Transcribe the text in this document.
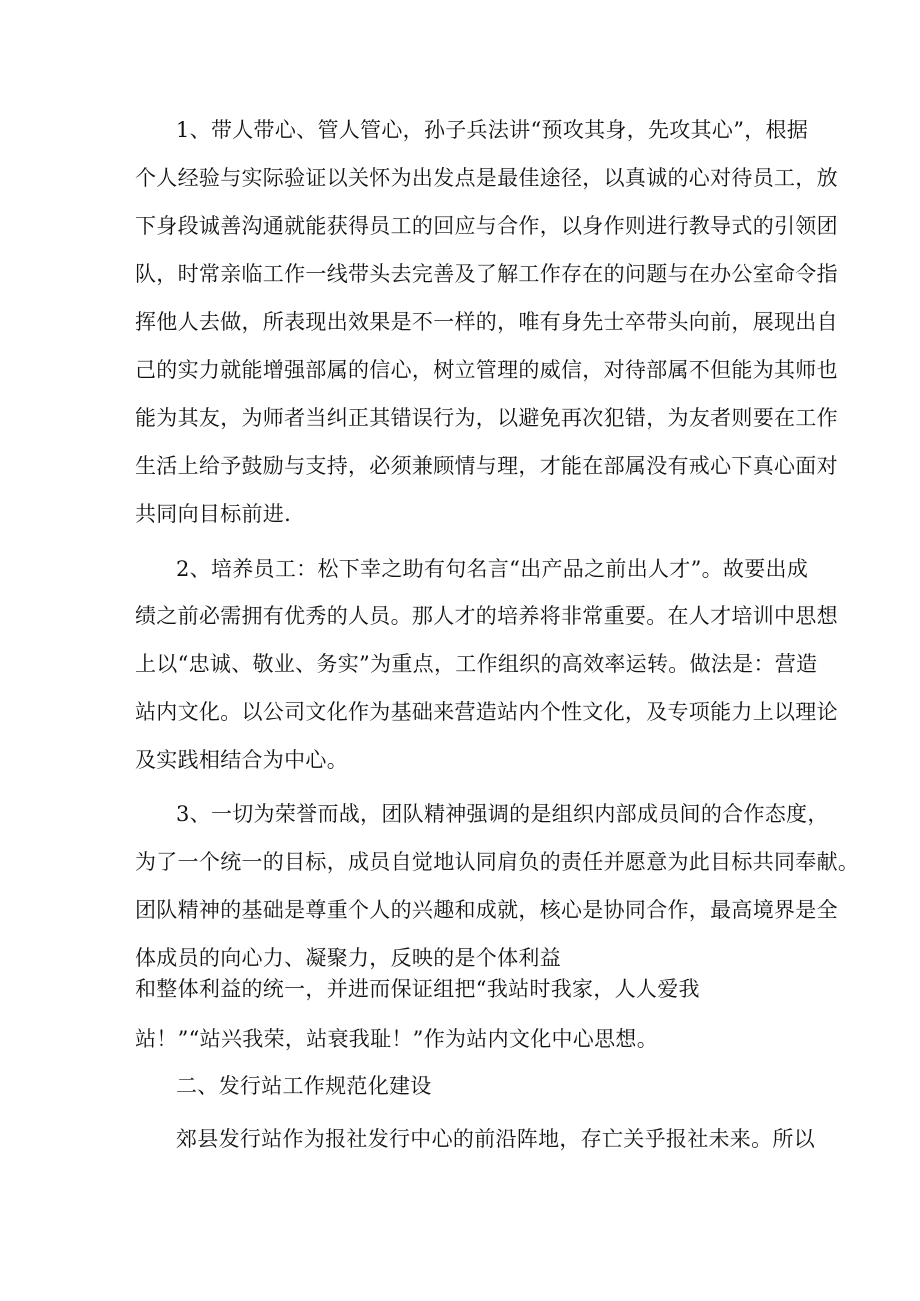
1、带人带心、管人管心，孙子兵法讲“预攻其身，先攻其心”，根据
个人经验与实际验证以关怀为出发点是最佳途径，以真诚的心对待员工，放
下身段诚善沟通就能获得员工的回应与合作，以身作则进行教导式的引领团
队，时常亲临工作一线带头去完善及了解工作存在的问题与在办公室命令指
挥他人去做，所表现出效果是不一样的，唯有身先士卒带头向前，展现出自
己的实力就能增强部属的信心，树立管理的威信，对待部属不但能为其师也
能为其友，为师者当纠正其错误行为，以避免再次犯错，为友者则要在工作
生活上给予鼓励与支持，必须兼顾情与理，才能在部属没有戒心下真心面对
共同向目标前进.
2、培养员工：松下幸之助有句名言“出产品之前出人才”。故要出成
绩之前必需拥有优秀的人员。那人才的培养将非常重要。在人才培训中思想
上以“忠诚、敬业、务实”为重点，工作组织的高效率运转。做法是：营造
站内文化。以公司文化作为基础来营造站内个性文化，及专项能力上以理论
及实践相结合为中心。
3、一切为荣誉而战，团队精神强调的是组织内部成员间的合作态度，
为了一个统一的目标，成员自觉地认同肩负的责任并愿意为此目标共同奉献。
团队精神的基础是尊重个人的兴趣和成就，核心是协同合作，最高境界是全
体成员的向心力、凝聚力，反映的是个体利益
和整体利益的统一，并进而保证组把“我站时我家，人人爱我
站！”“站兴我荣，站衰我耻！”作为站内文化中心思想。
二、发行站工作规范化建设
郊县发行站作为报社发行中心的前沿阵地，存亡关乎报社未来。所以
